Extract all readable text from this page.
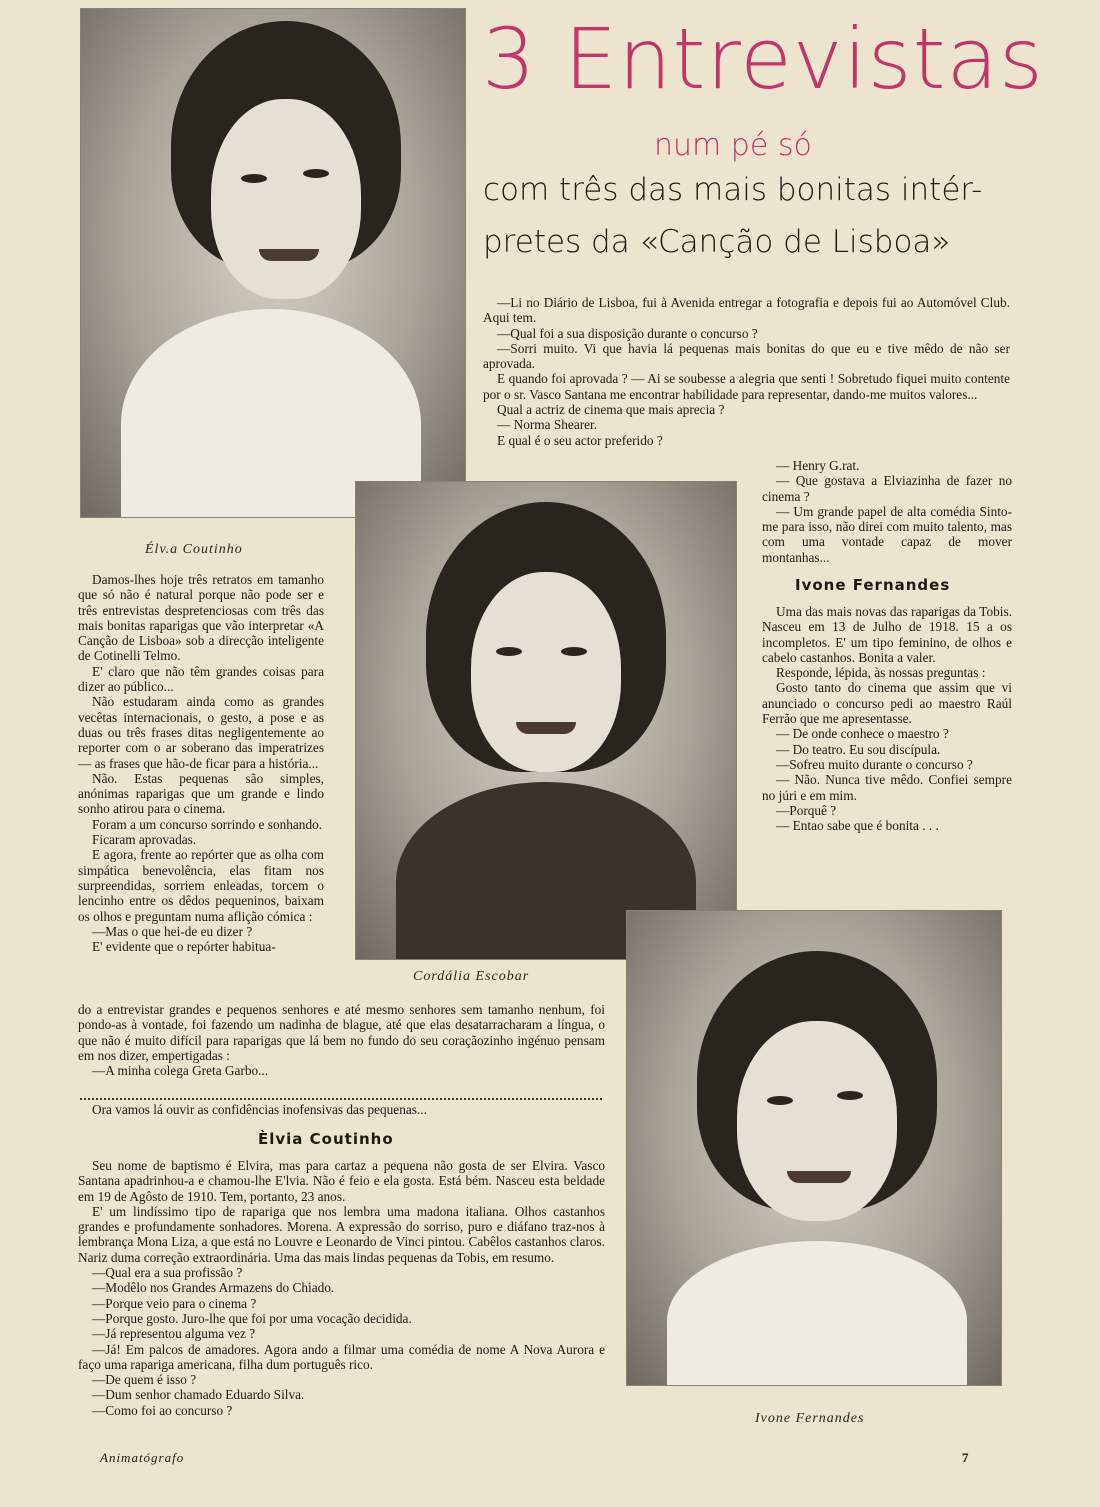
3 Entrevistas
num pé só
com três das mais bonitas intér-
pretes da «Canção de Lisboa»
Élv.a Coutinho
Cordália Escobar
Ivone Fernandes

—Li no Diário de Lisboa, fui à Avenida entregar a fotografia e depois fui ao Automóvel Club. Aqui tem.

—Qual foi a sua disposição durante o concurso ?

—Sorri muito. Vi que havia lá pequenas mais bonitas do que eu e tive mêdo de não ser aprovada.

E quando foi aprovada ? — Ai se soubesse a alegria que senti ! Sobretudo fiquei muito contente por o sr. Vasco Santana me encontrar habilidade para representar, dando-me muitos valores...

Qual a actriz de cinema que mais aprecia ?

— Norma Shearer.

E qual é o seu actor preferido ?

— Henry G.rat.

— Que gostava a Elviazinha de fazer no cinema ?

— Um grande papel de alta comédia Sinto-me para isso, não direi com muito talento, mas com uma vontade capaz de mover montanhas...

Ivone Fernandes

Uma das mais novas das raparigas da Tobis. Nasceu em 13 de Julho de 1918. 15 a os incompletos. E' um tipo feminino, de olhos e cabelo castanhos. Bonita a valer.

Responde, lépida, às nossas preguntas :

Gosto tanto do cinema que assim que vi anunciado o concurso pedi ao maestro Raúl Ferrão que me apresentasse.

— De onde conhece o maestro ?

— Do teatro. Eu sou discípula.

—Sofreu muito durante o concurso ?

— Não. Nunca tive mêdo. Confiei sempre no júri e em mim.

—Porquê ?

— Entao sabe que é bonita . . .

Damos-lhes hoje três retratos em tamanho que só não é natural porque não pode ser e três entrevistas despretenciosas com três das mais bonitas raparigas que vão interpretar «A Canção de Lisboa» sob a direcção inteligente de Cotinelli Telmo.

E' claro que não têm grandes coisas para dizer ao público...

Não estudaram ainda como as grandes vecêtas internacionais, o gesto, a pose e as duas ou três frases ditas negligentemente ao reporter com o ar soberano das imperatrizes — as frases que hão-de ficar para a história...

Não. Estas pequenas são simples, anónimas raparigas que um grande e lindo sonho atirou para o cinema.

Foram a um concurso sorrindo e sonhando.

Ficaram aprovadas.

E agora, frente ao repórter que as olha com simpática benevolência, elas fitam nos surpreendidas, sorriem enleadas, torcem o lencinho entre os dêdos pequeninos, baixam os olhos e preguntam numa aflição cómica :

—Mas o que hei-de eu dizer ?

E' evidente que o repórter habitua-

do a entrevistar grandes e pequenos senhores e até mesmo senhores sem tamanho nenhum, foi pondo-as à vontade, foi fazendo um nadinha de blague, até que elas desatarracharam a língua, o que não é muito difícil para raparigas que lá bem no fundo do seu coraçãozinho ingénuo pensam em nos dizer, empertigadas :

—A minha colega Greta Garbo...

Ora vamos lá ouvir as confidências inofensivas das pequenas...

Èlvia Coutinho

Seu nome de baptismo é Elvira, mas para cartaz a pequena não gosta de ser Elvira. Vasco Santana apadrinhou-a e chamou-lhe E'lvia. Não é feio e ela gosta. Está bém. Nasceu esta beldade em 19 de Agôsto de 1910. Tem, portanto, 23 anos.

E' um lindíssimo tipo de rapariga que nos lembra uma madona italiana. Olhos castanhos grandes e profundamente sonhadores. Morena. A expressão do sorriso, puro e diáfano traz-nos à lembrança Mona Liza, a que está no Louvre e Leonardo de Vinci pintou. Cabêlos castanhos claros. Nariz duma correção extraordinária. Uma das mais lindas pequenas da Tobis, em resumo.

—Qual era a sua profissão ?

—Modêlo nos Grandes Armazens do Chiado.

—Porque veio para o cinema ?

—Porque gosto. Juro-lhe que foi por uma vocação decidida.

—Já representou alguma vez ?

—Já! Em palcos de amadores. Agora ando a filmar uma comédia de nome A Nova Aurora e faço uma rapariga americana, filha dum português rico.

—De quem é isso ?

—Dum senhor chamado Eduardo Silva.

—Como foi ao concurso ?

Animatógrafo	7
